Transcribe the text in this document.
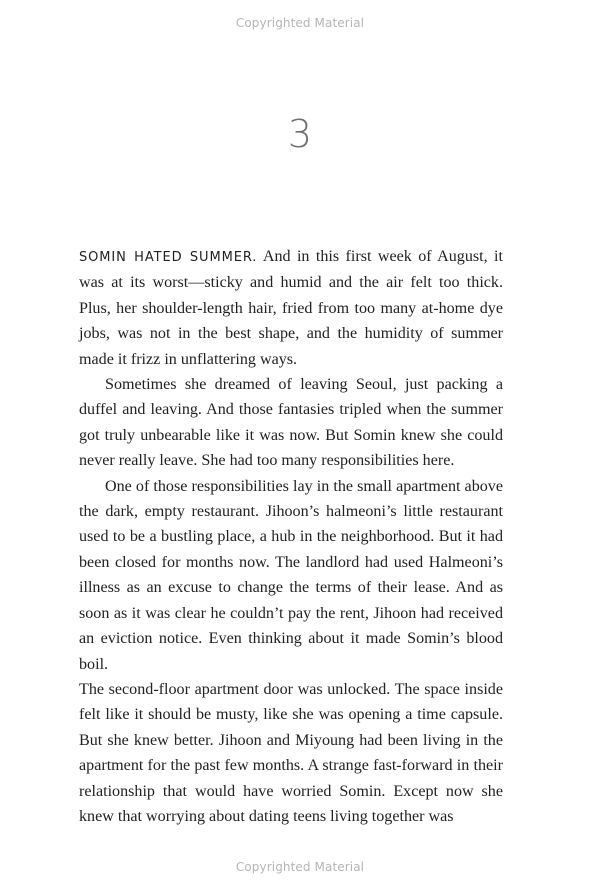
Copyrighted Material
3

SOMIN HATED SUMMER. And in this first week of August, it was at its worst—sticky and humid and the air felt too thick. Plus, her shoulder-length hair, fried from too many at-home dye jobs, was not in the best shape, and the humidity of summer made it frizz in unflattering ways.

Sometimes she dreamed of leaving Seoul, just packing a duffel and leaving. And those fantasies tripled when the summer got truly unbearable like it was now. But Somin knew she could never really leave. She had too many responsibilities here.

One of those responsibilities lay in the small apartment above the dark, empty restaurant. Jihoon’s halmeoni’s little restaurant used to be a bustling place, a hub in the neighborhood. But it had been closed for months now. The landlord had used Halmeoni’s illness as an excuse to change the terms of their lease. And as soon as it was clear he couldn’t pay the rent, Jihoon had received an eviction notice. Even thinking about it made Somin’s blood boil.

The second-floor apartment door was unlocked. The space inside felt like it should be musty, like she was opening a time capsule. But she knew better. Jihoon and Miyoung had been living in the apartment for the past few months. A strange fast-forward in their relationship that would have worried Somin. Except now she knew that worrying about dating teens living together was

Copyrighted Material
